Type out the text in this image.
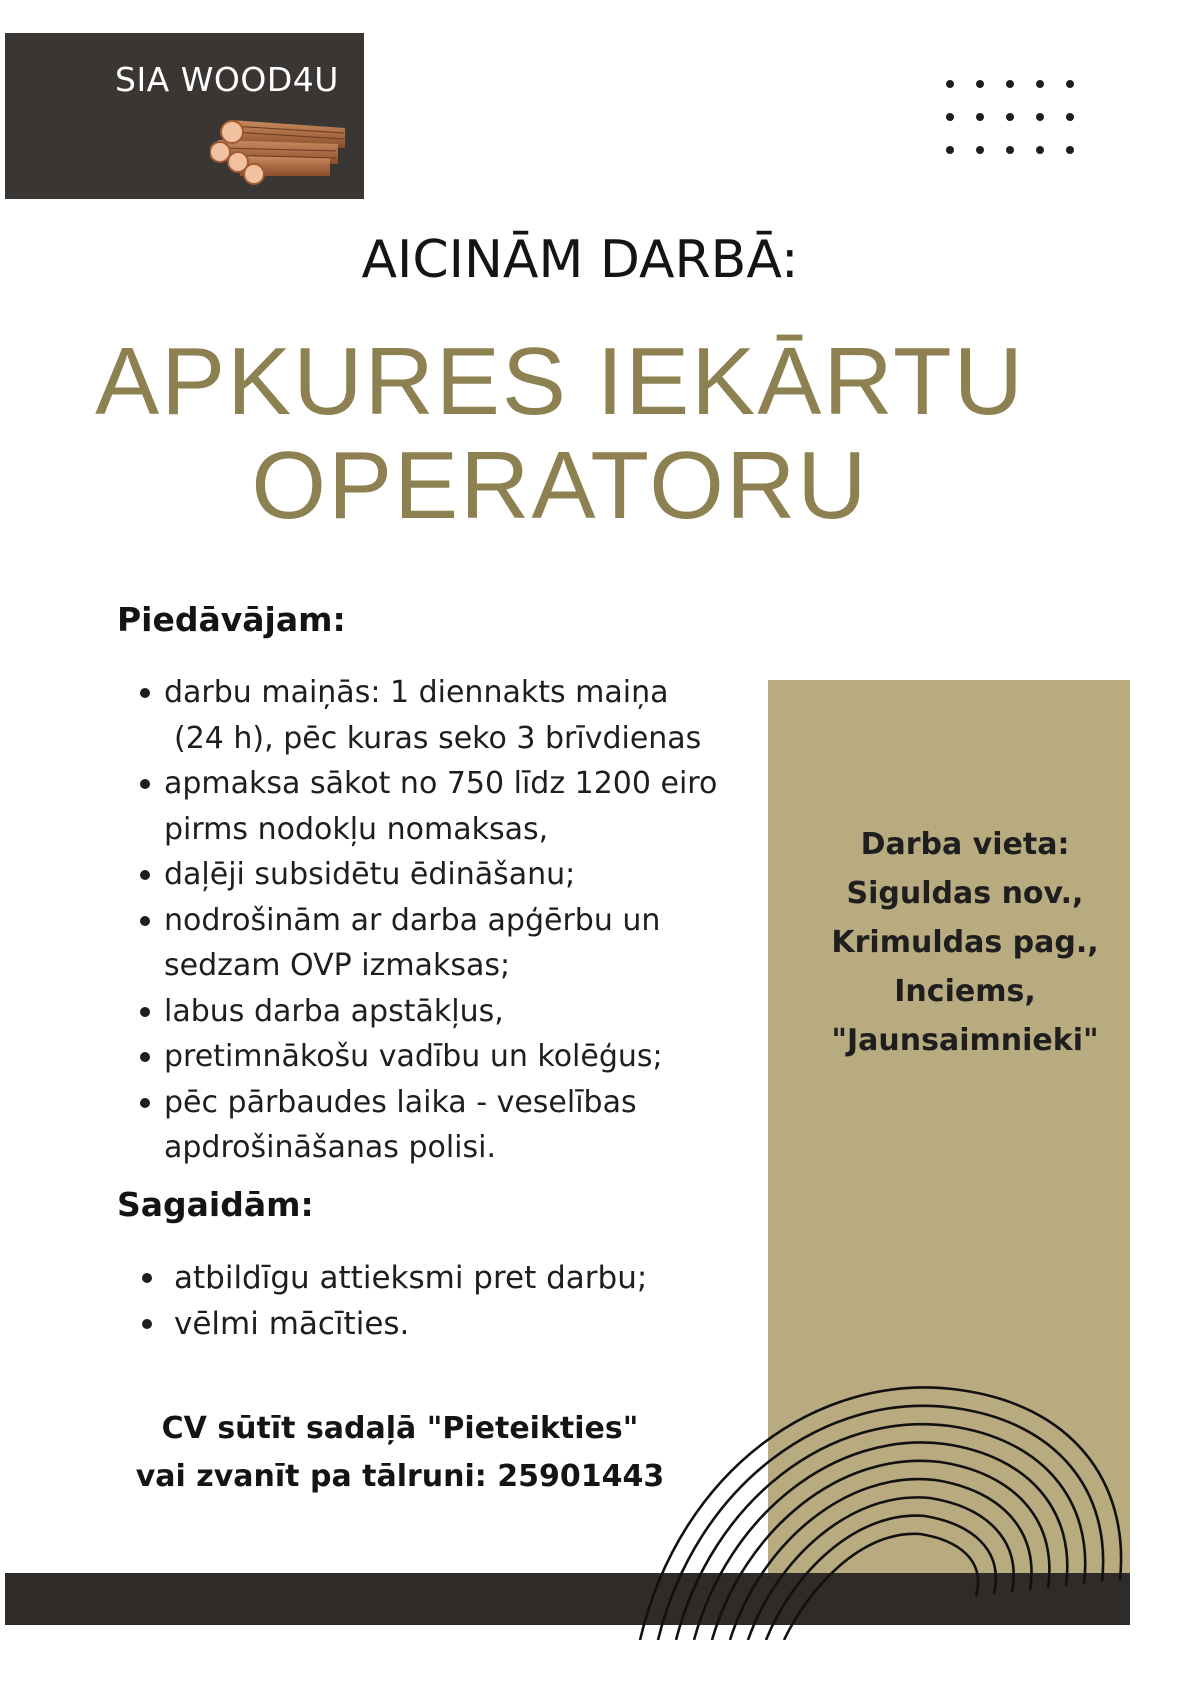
SIA WOOD4U
AICINĀM DARBĀ:
APKURES IEKĀRTU
OPERATORU
Darba vieta:
Siguldas nov.,
Krimuldas pag.,
Inciems,
"Jaunsaimnieki"
Piedāvājam:
darbu maiņās: 1 diennakts maiņa
(24 h), pēc kuras seko 3 brīvdienas
apmaksa sākot no 750 līdz 1200 eiro
pirms nodokļu nomaksas,
daļēji subsidētu ēdināšanu;
nodrošinām ar darba apģērbu un
sedzam OVP izmaksas;
labus darba apstākļus,
pretimnākošu vadību un kolēģus;
pēc pārbaudes laika - veselības
apdrošināšanas polisi.
Sagaidām:
atbildīgu attieksmi pret darbu;
vēlmi mācīties.
CV sūtīt sadaļā "Pieteikties"
vai zvanīt pa tālruni: 25901443
